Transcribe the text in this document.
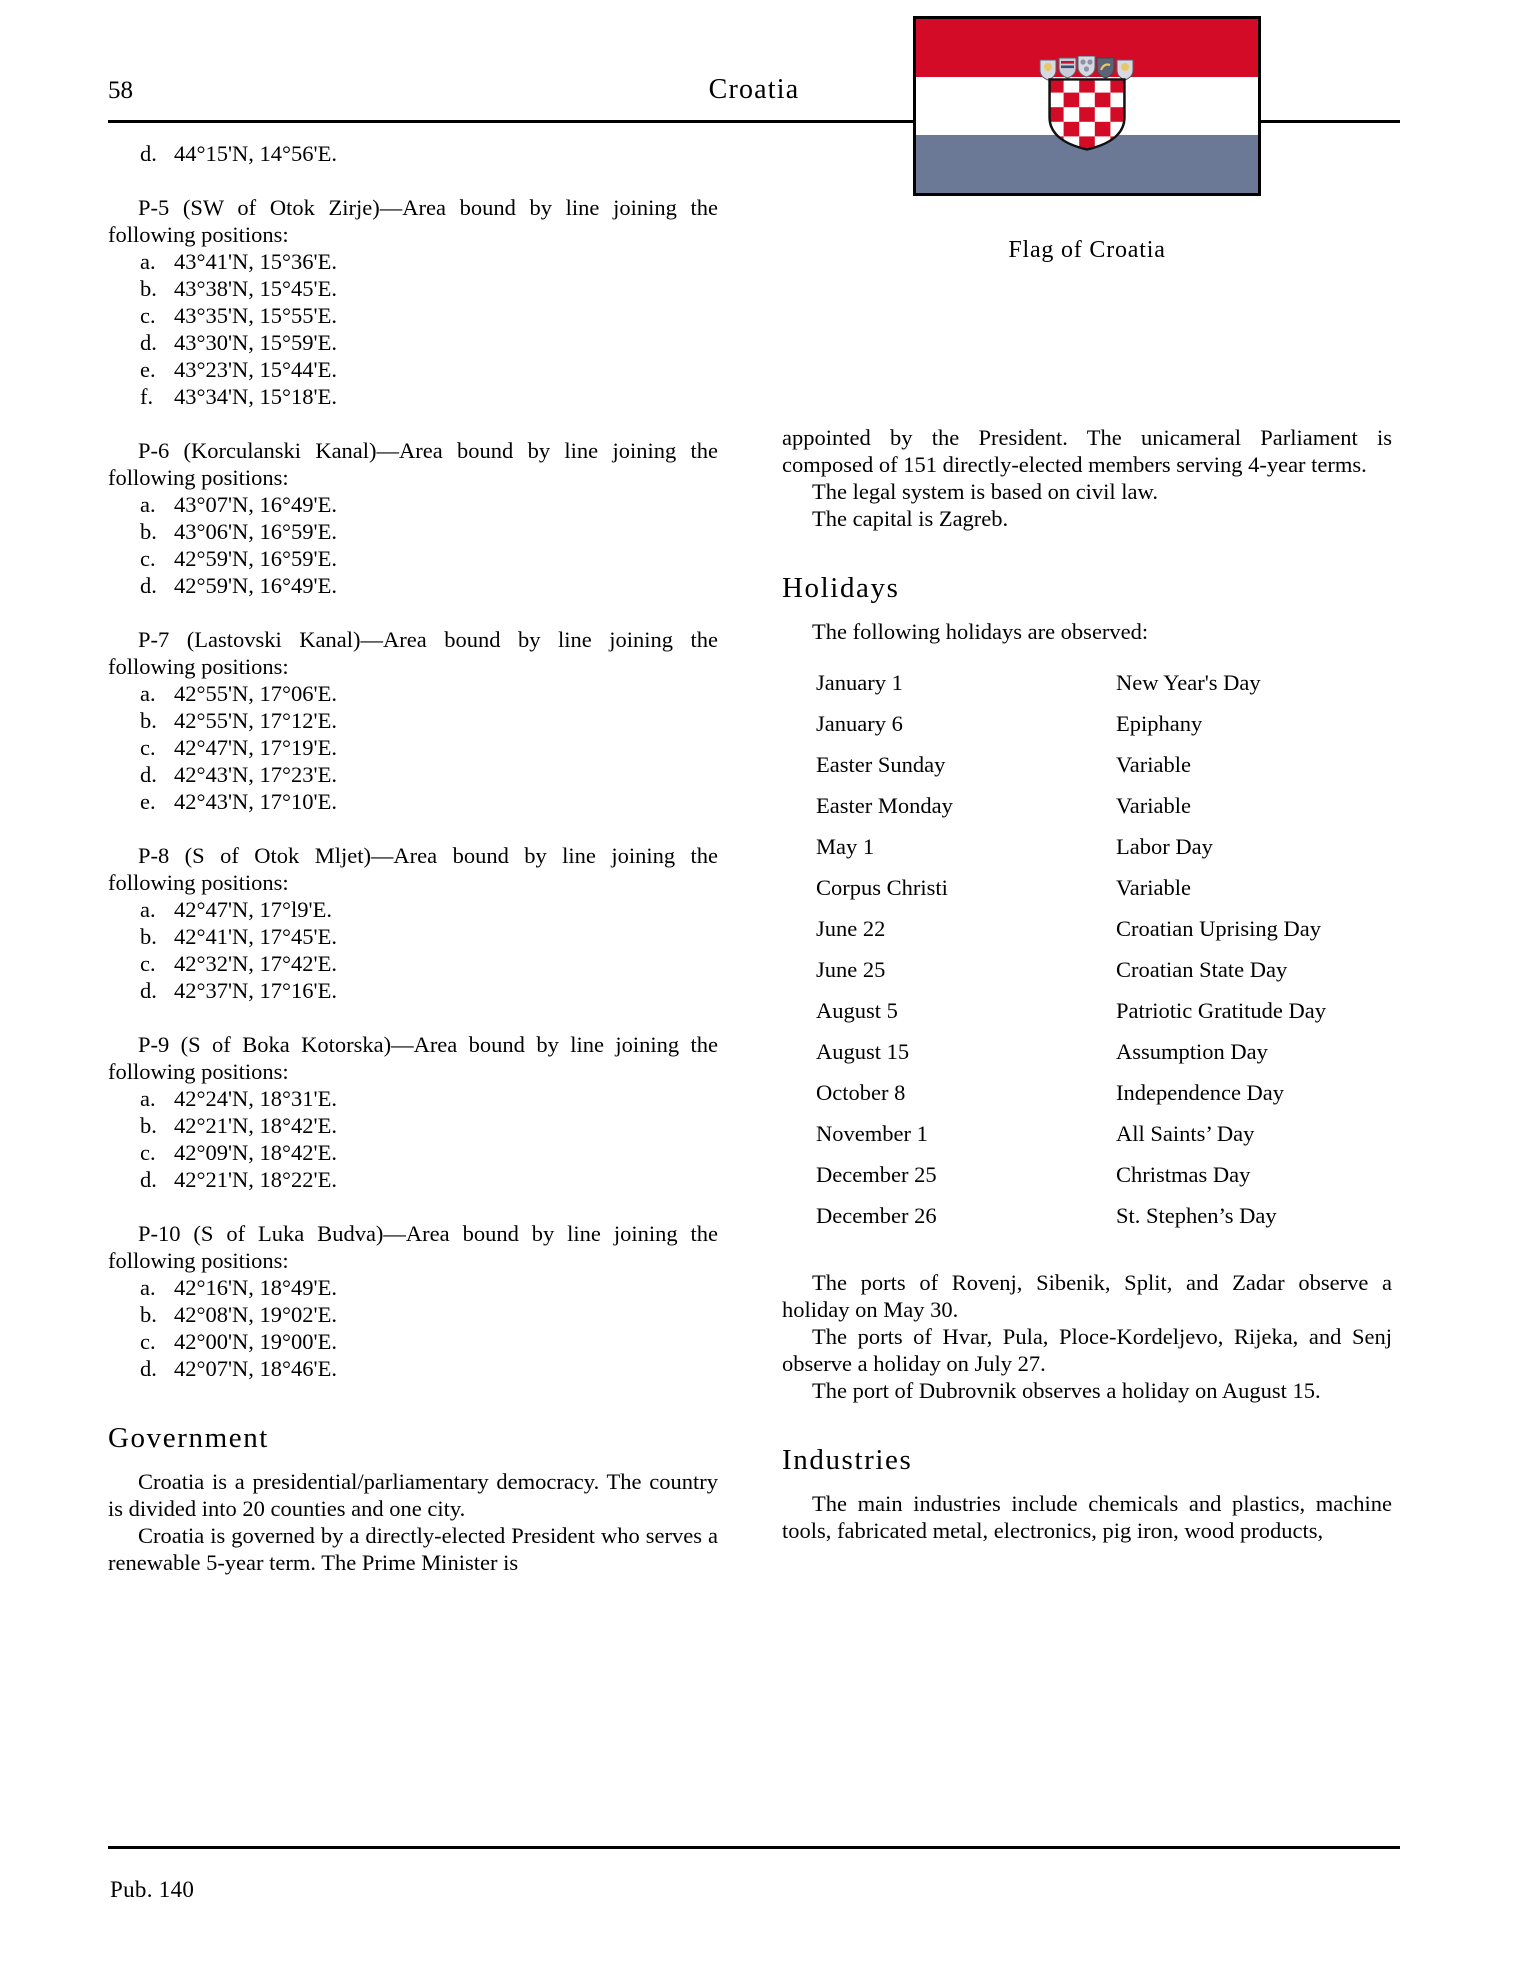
58	Croatia
d. 44°15'N, 14°56'E.

P-5 (SW of Otok Zirje)—Area bound by line joining the following positions:

a. 43°41'N, 15°36'E.
b. 43°38'N, 15°45'E.
c. 43°35'N, 15°55'E.
d. 43°30'N, 15°59'E.
e. 43°23'N, 15°44'E.
f. 43°34'N, 15°18'E.

P-6 (Korculanski Kanal)—Area bound by line joining the following positions:

a. 43°07'N, 16°49'E.
b. 43°06'N, 16°59'E.
c. 42°59'N, 16°59'E.
d. 42°59'N, 16°49'E.

P-7 (Lastovski Kanal)—Area bound by line joining the following positions:

a. 42°55'N, 17°06'E.
b. 42°55'N, 17°12'E.
c. 42°47'N, 17°19'E.
d. 42°43'N, 17°23'E.
e. 42°43'N, 17°10'E.

P-8 (S of Otok Mljet)—Area bound by line joining the following positions:

a. 42°47'N, 17°l9'E.
b. 42°41'N, 17°45'E.
c. 42°32'N, 17°42'E.
d. 42°37'N, 17°16'E.

P-9 (S of Boka Kotorska)—Area bound by line joining the following positions:

a. 42°24'N, 18°31'E.
b. 42°21'N, 18°42'E.
c. 42°09'N, 18°42'E.
d. 42°21'N, 18°22'E.

P-10 (S of Luka Budva)—Area bound by line joining the following positions:

a. 42°16'N, 18°49'E.
b. 42°08'N, 19°02'E.
c. 42°00'N, 19°00'E.
d. 42°07'N, 18°46'E.
Government

Croatia is a presidential/parliamentary democracy. The country is divided into 20 counties and one city.

Croatia is governed by a directly-elected President who serves a renewable 5-year term. The Prime Minister is

Flag of Croatia

appointed by the President. The unicameral Parliament is composed of 151 directly-elected members serving 4-year terms.

The legal system is based on civil law.

The capital is Zagreb.

Holidays

The following holidays are observed:

January 1	New Year's Day
January 6	Epiphany
Easter Sunday	Variable
Easter Monday	Variable
May 1	Labor Day
Corpus Christi	Variable
June 22	Croatian Uprising Day
June 25	Croatian State Day
August 5	Patriotic Gratitude Day
August 15	Assumption Day
October 8	Independence Day
November 1	All Saints’ Day
December 25	Christmas Day
December 26	St. Stephen’s Day

The ports of Rovenj, Sibenik, Split, and Zadar observe a holiday on May 30.

The ports of Hvar, Pula, Ploce-Kordeljevo, Rijeka, and Senj observe a holiday on July 27.

The port of Dubrovnik observes a holiday on August 15.

Industries

The main industries include chemicals and plastics, machine tools, fabricated metal, electronics, pig iron, wood products,

Pub. 140
